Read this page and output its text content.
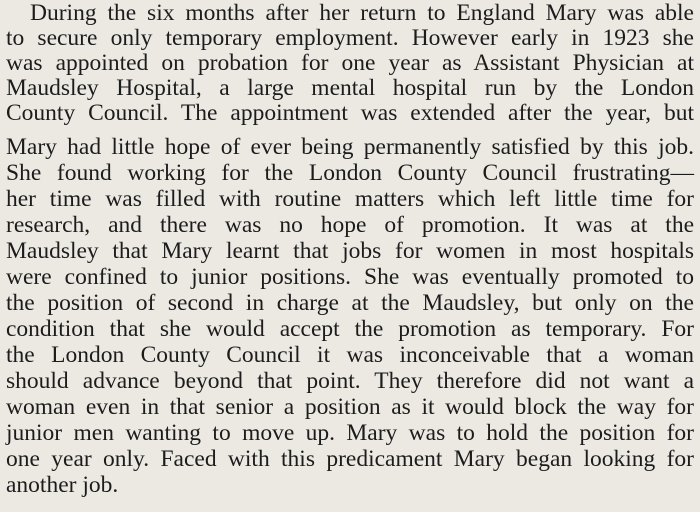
During the six months after her return to England Mary was able
to secure only temporary employment. However early in 1923 she
was appointed on probation for one year as Assistant Physician at
Maudsley Hospital, a large mental hospital run by the London
County Council. The appointment was extended after the year, but
Mary had little hope of ever being permanently satisfied by this job.
She found working for the London County Council frustrating—
her time was filled with routine matters which left little time for
research, and there was no hope of promotion. It was at the
Maudsley that Mary learnt that jobs for women in most hospitals
were confined to junior positions. She was eventually promoted to
the position of second in charge at the Maudsley, but only on the
condition that she would accept the promotion as temporary. For
the London County Council it was inconceivable that a woman
should advance beyond that point. They therefore did not want a
woman even in that senior a position as it would block the way for
junior men wanting to move up. Mary was to hold the position for
one year only. Faced with this predicament Mary began looking for
another job.
